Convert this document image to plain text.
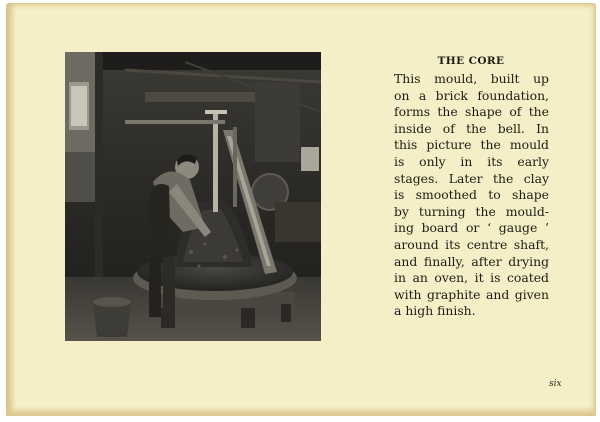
THE CORE

This mould, built up
on a brick foundation,
forms the shape of the
inside of the bell. In
this picture the mould
is only in its early
stages. Later the clay
is smoothed to shape
by turning the mould-
ing board or ‘ gauge ’
around its centre shaft,
and finally, after drying
in an oven, it is coated
with graphite and given
a high finish.

six
